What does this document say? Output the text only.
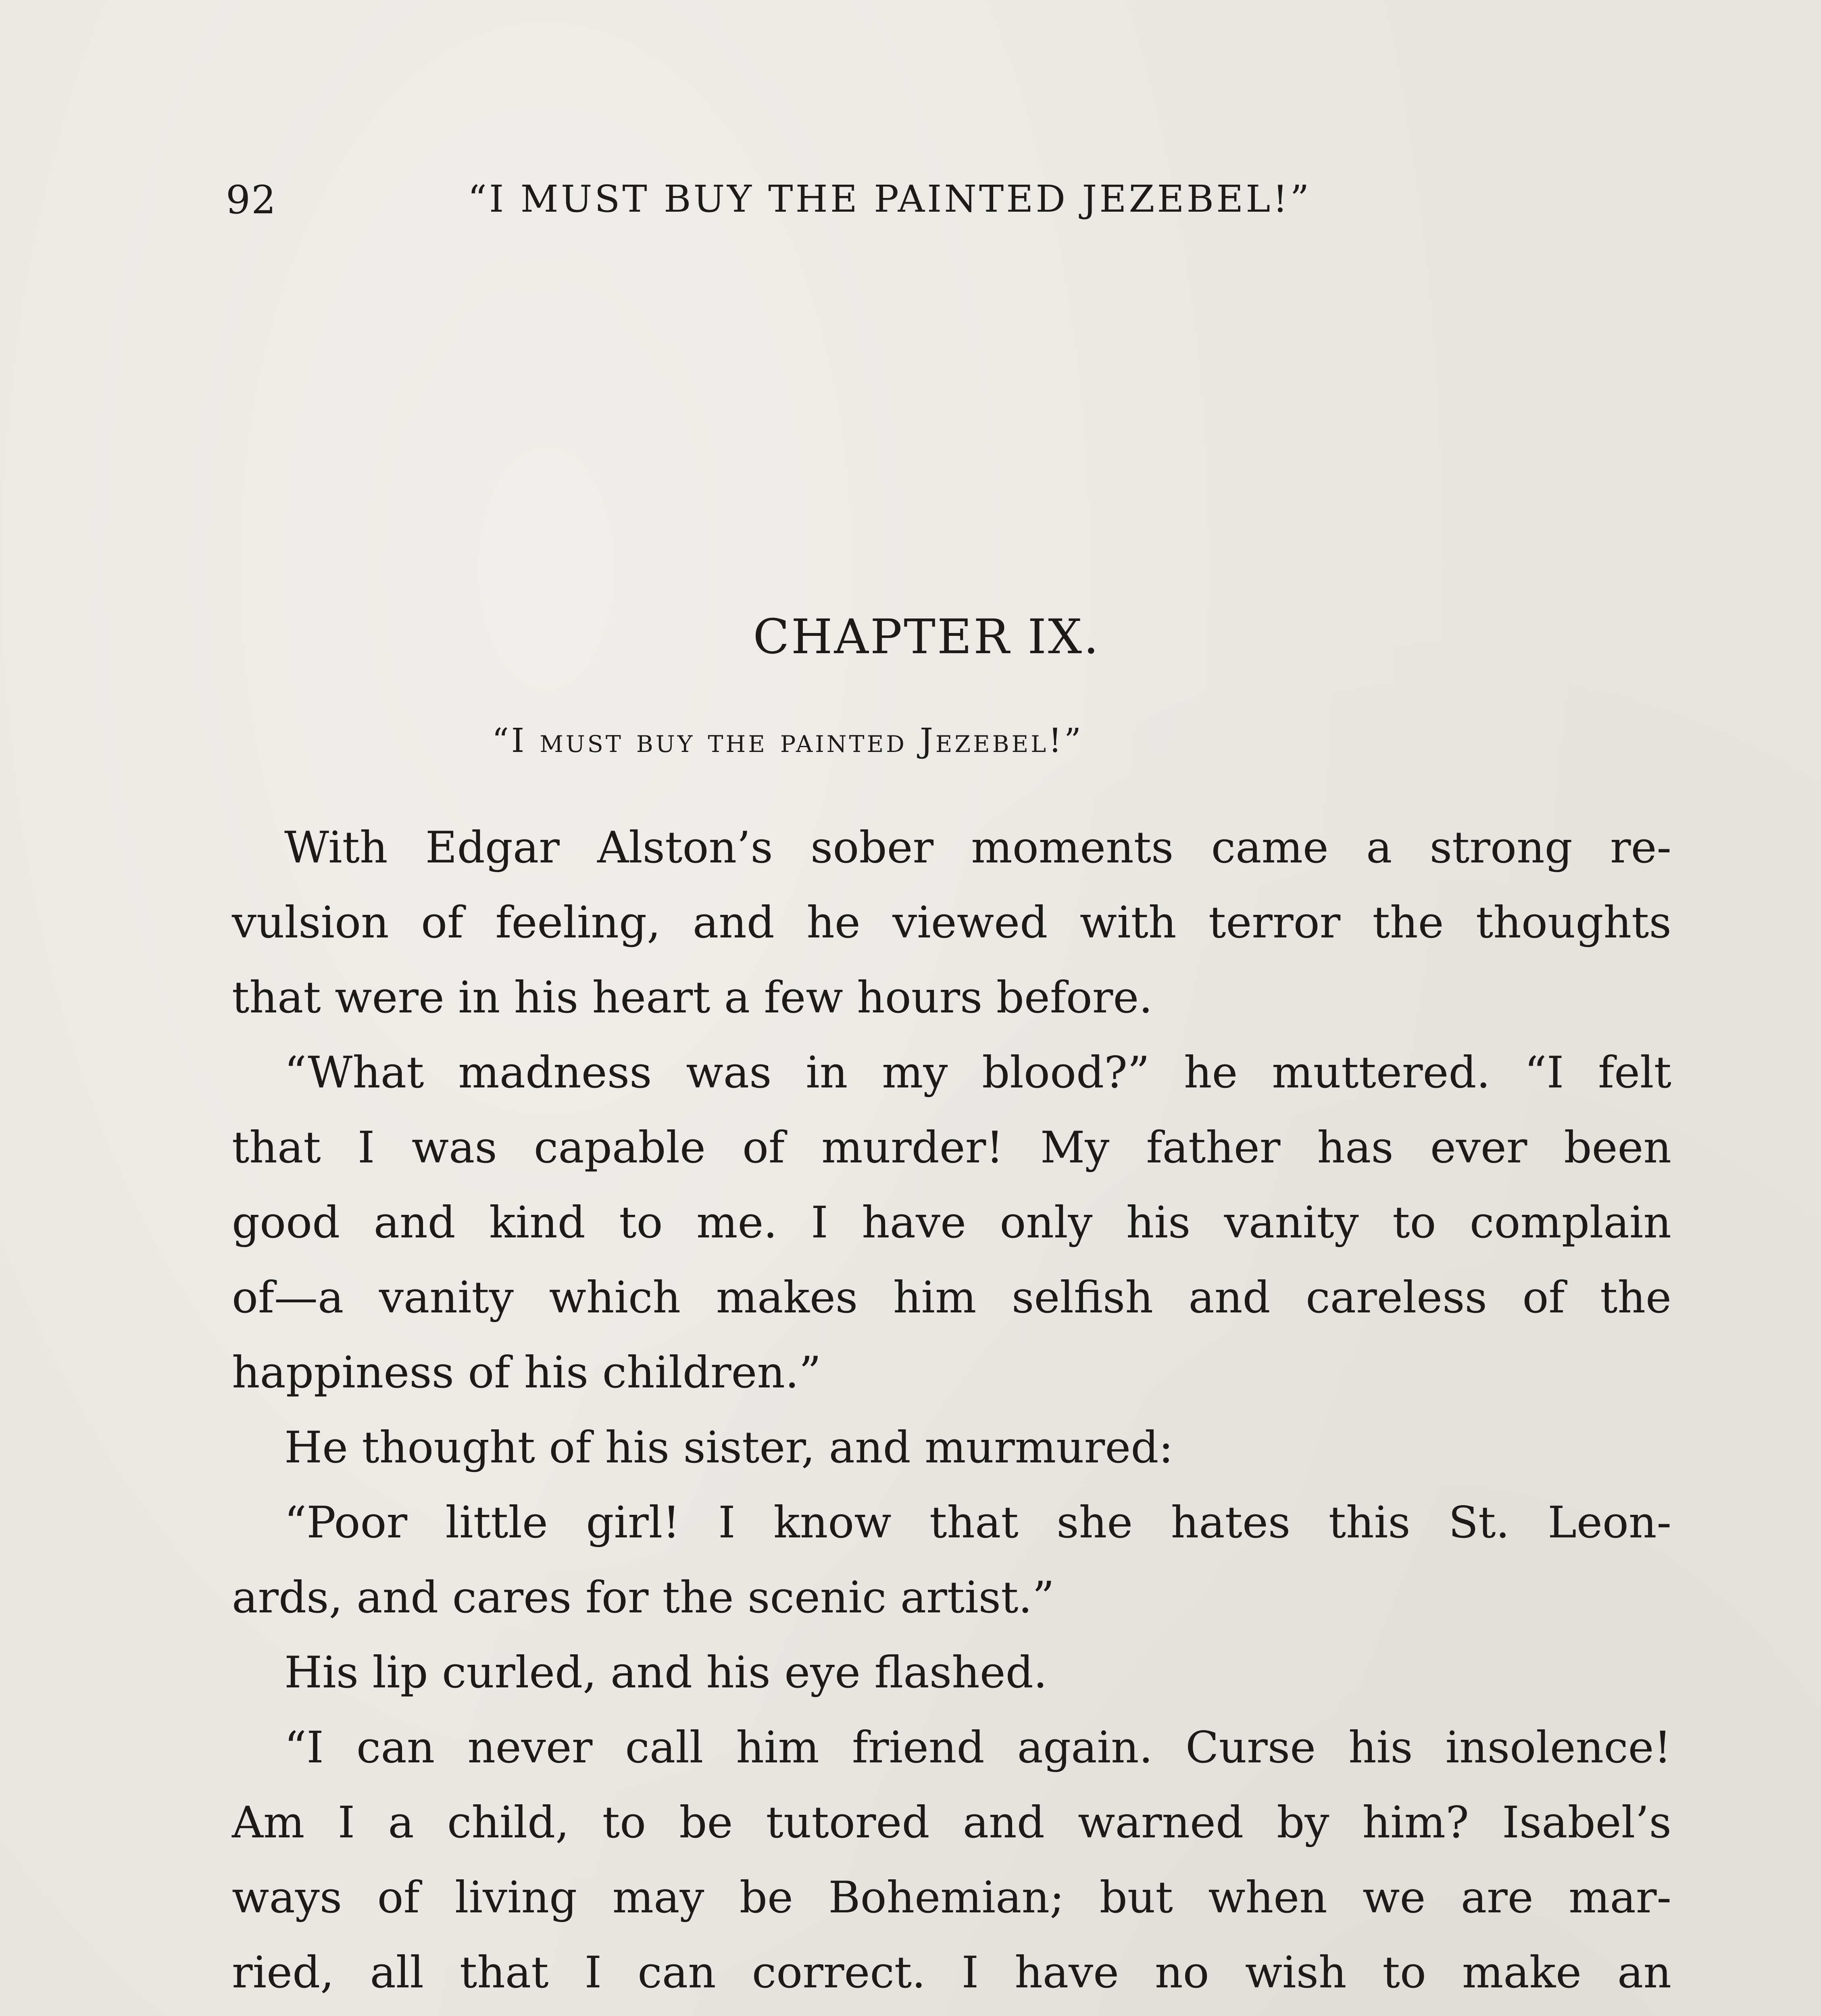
92	“I MUST BUY THE PAINTED JEZEBEL!”
CHAPTER IX.
“I must buy the painted Jezebel!”
With Edgar Alston’s sober moments came a strong re-
vulsion of feeling, and he viewed with terror the thoughts
that were in his heart a few hours before.
“What madness was in my blood?” he muttered. “I felt
that I was capable of murder! My father has ever been
good and kind to me. I have only his vanity to complain
of—a vanity which makes him selfish and careless of the
happiness of his children.”
He thought of his sister, and murmured:
“Poor little girl! I know that she hates this St. Leon-
ards, and cares for the scenic artist.”
His lip curled, and his eye flashed.
“I can never call him friend again. Curse his insolence!
Am I a child, to be tutored and warned by him? Isabel’s
ways of living may be Bohemian; but when we are mar-
ried, all that I can correct. I have no wish to make an
